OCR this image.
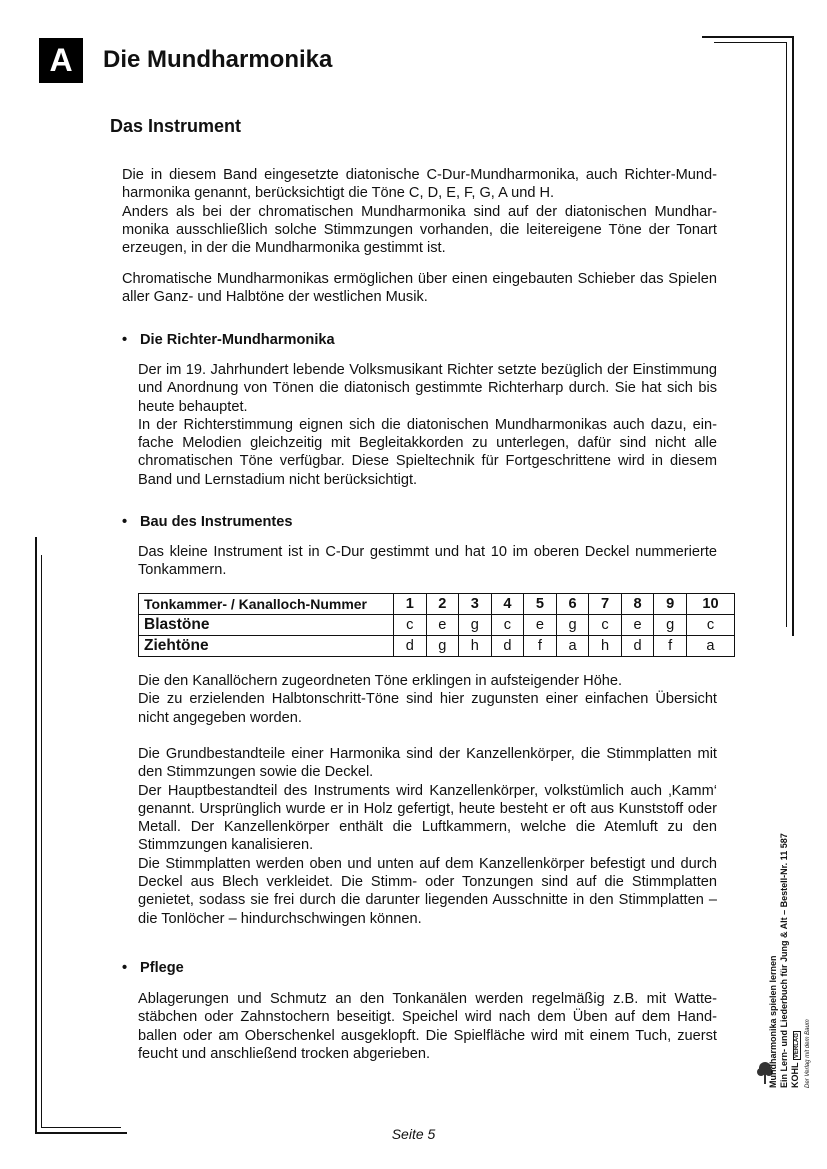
A	Die Mundharmonika
Das Instrument

Die in diesem Band eingesetzte diatonische C-Dur-Mundharmonika, auch Richter-Mundharmonika genannt, berücksichtigt die Töne C, D, E, F, G, A und H.
Anders als bei der chromatischen Mundharmonika sind auf der diatonischen Mundharmonika ausschließlich solche Stimmzungen vorhanden, die leitereigene Töne der Tonart erzeugen, in der die Mundharmonika gestimmt ist.

Chromatische Mundharmonikas ermöglichen über einen eingebauten Schieber das Spielen aller Ganz- und Halbtöne der westlichen Musik.

• Die Richter-Mundharmonika

Der im 19. Jahrhundert lebende Volksmusikant Richter setzte bezüglich der Einstimmung und Anordnung von Tönen die diatonisch gestimmte Richterharp durch. Sie hat sich bis heute behauptet.
In der Richterstimmung eignen sich die diatonischen Mundharmonikas auch dazu, einfache Melodien gleichzeitig mit Begleitakkorden zu unterlegen, dafür sind nicht alle chromatischen Töne verfügbar. Diese Spieltechnik für Fortgeschrittene wird in diesem Band und Lernstadium nicht berücksichtigt.

• Bau des Instrumentes

Das kleine Instrument ist in C-Dur gestimmt und hat 10 im oberen Deckel nummerierte Tonkammern.

Tonkammer- / Kanalloch-Nummer	1	2	3	4	5	6	7	8	9	10
Blastöne	c	e	g	c	e	g	c	e	g	c
Ziehtöne	d	g	h	d	f	a	h	d	f	a

Die den Kanallöchern zugeordneten Töne erklingen in aufsteigender Höhe.
Die zu erzielenden Halbtonschritt-Töne sind hier zugunsten einer einfachen Übersicht nicht angegeben worden.

Die Grundbestandteile einer Harmonika sind der Kanzellenkörper, die Stimmplatten mit den Stimmzungen sowie die Deckel.
Der Hauptbestandteil des Instruments wird Kanzellenkörper, volkstümlich auch ‚Kamm‘ genannt. Ursprünglich wurde er in Holz gefertigt, heute besteht er oft aus Kunststoff oder Metall. Der Kanzellenkörper enthält die Luftkammern, welche die Atemluft zu den Stimmzungen kanalisieren.
Die Stimmplatten werden oben und unten auf dem Kanzellenkörper befestigt und durch Deckel aus Blech verkleidet. Die Stimm- oder Tonzungen sind auf die Stimmplatten genietet, sodass sie frei durch die darunter liegenden Ausschnitte in den Stimmplatten – die Tonlöcher – hindurchschwingen können.

• Pflege

Ablagerungen und Schmutz an den Tonkanälen werden regelmäßig z.B. mit Wattestäbchen oder Zahnstochern beseitigt. Speichel wird nach dem Üben auf dem Handballen oder am Oberschenkel ausgeklopft. Die Spielfläche wird mit einem Tuch, zuerst feucht und anschließend trocken abgerieben.

Seite 5
Mundharmonika spielen lernen Ein Lern- und Liederbuch für Jung & Alt – Bestell-Nr. 11 587 KOHL VERLAG Der Verlag mit dem Baum
